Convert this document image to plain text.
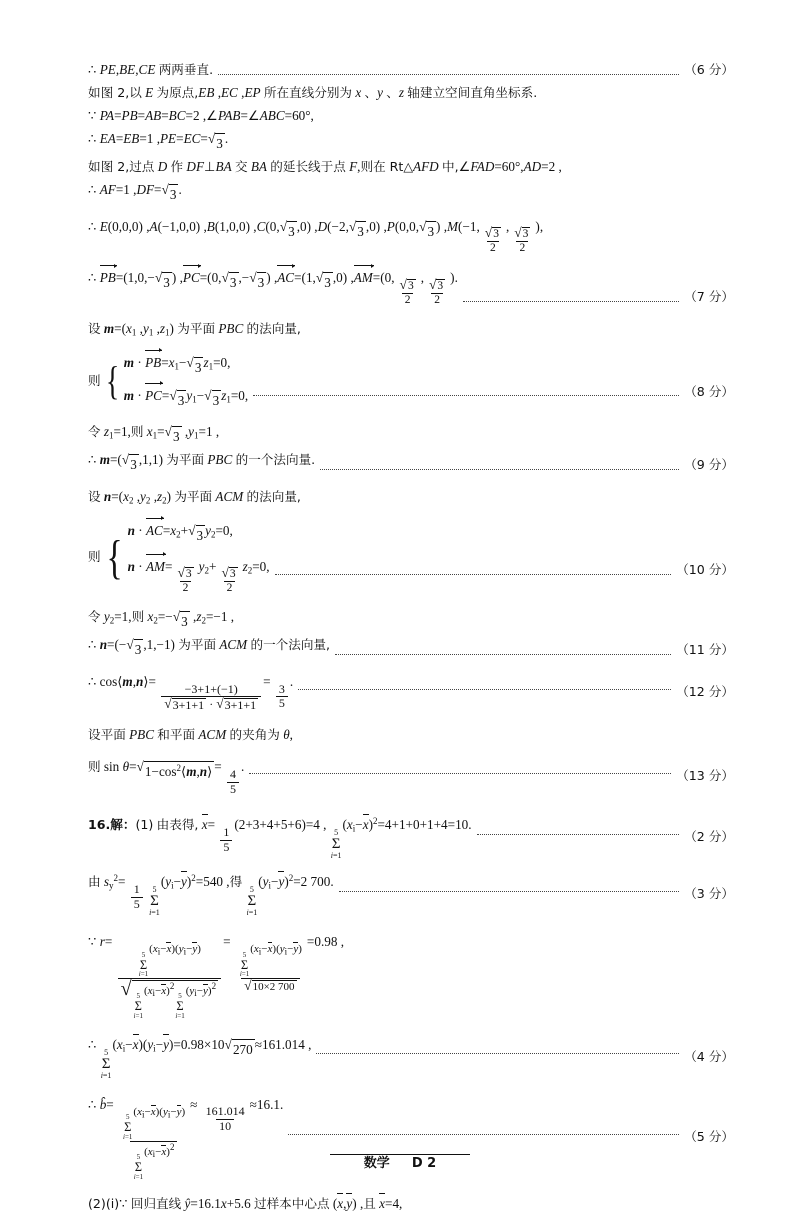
∴ PE,BE,CE 两两垂直.	（6 分）
如图 2,以 E 为原点,EB ,EC ,EP 所在直线分别为 x 、y 、z 轴建立空间直角坐标系.
∵ PA=PB=AB=BC=2 ,∠PAB=∠ABC=60°,
∴ EA=EB=1 ,PE=EC= √ 3 .
如图 2,过点 D 作 DF⊥BA 交 BA 的延长线于点 F,则在 Rt△AFD 中,∠FAD=60°,AD=2 ,
∴ AF=1 ,DF= √ 3 .
∴ E(0,0,0) ,A(−1,0,0) ,B(1,0,0) ,C(0, √ 3 ,0) ,D(−2, √ 3 ,0) ,P(0,0, √ 3 ) ,M(−1, $\frac{√ 3}{2}$ , $\frac{√ 3}{2}$ ),
∴ PB=(1,0,− √ 3 ) ,PC=(0, √ 3 ,− √ 3 ) ,AC=(1, √ 3 ,0) ,AM=(0, $\frac{√ 3}{2}$ , $\frac{√ 3}{2}$ ).
（7 分）
设 $m=(x_1$ $,y_1$ $,z_1$) 为平面 PBC 的法向量,
则 { $m \cdot PB=x_1-$ √ 3 $z_1=0$,
m · PC= √ 3 $y_1-$ √ 3 $z_1=0$,	（8 分）
令 $z_1=1$,则 $x_1=$ √ 3 $,y_1=1$ ,
∴ m=( √ 3 ,1,1) 为平面 PBC 的一个法向量.	（9 分）
设 $n=(x_2$ $,y_2$ $,z_2$) 为平面 ACM 的法向量,
则 {
$n \cdot AC=x_2+$ √ 3 $y_2=0$,
$n \cdot AM= \frac{√ 3}{2} y_2+ \frac{√ 3}{2} z_2=0$,	（10 分）
令 $y_2=1$,则 $x_2=-$ √ 3 $,z_2=-1$ ,
∴ n=(− √ 3 ,1,−1) 为平面 ACM 的一个法向量,	（11 分）
∴ cos⟨m,n⟩=
$\frac{-3+1+(-1)}{√ 3+1+1 \cdot √ 3+1+1}$
=
$\frac{3}{5}$
.
（12 分）
设平面 PBC 和平面 ACM 的夹角为 θ,
则 sin θ= √ $1-\cos^2⟨m,n⟩$ =
$\frac{4}{5}$
.
（13 分）
16.解：(1) 由表得, x=
$\frac{1}{5}$
(2+3+4+5+6)=4 ,
5
Σ
i=1
$(x_i-x)^2=4+1+0+1+4=10$.
（2 分）
由 $s_y^2=$
$\frac{1}{5}$
5
Σ
i=1
$(y_i-y)^2=540$ ,得
5
Σ
i=1
$(y_i-y)^2=2$ 700.
（3 分）
∵ r=
5
Σ
i=1
$(x_i-x)(y_i-y)$
√ 5
Σ
i=1
$(x_i-x)^2$
5
Σ
i=1
$(y_i-y)^2$
=
5
Σ
i=1
$(x_i-x)(y_i-y)$
√ 10×2 700
=0.98 ,
∴
5
Σ
i=1
$(x_i-x)(y_i-y)=0.98\times 10$ √ 270 ≈161.014 ,
（4 分）
∴ b̂=
5
Σ
i=1
$(x_i-x)(y_i-y)$
5
Σ
i=1
$(x_i-x)^2$
≈
$\frac{161.014}{10}$
≈16.1.
（5 分）
(2)(ⅰ)∵ 回归直线 ŷ=16.1x+5.6 过样本中心点 (x,y) ,且 x=4,
数学 D 2
